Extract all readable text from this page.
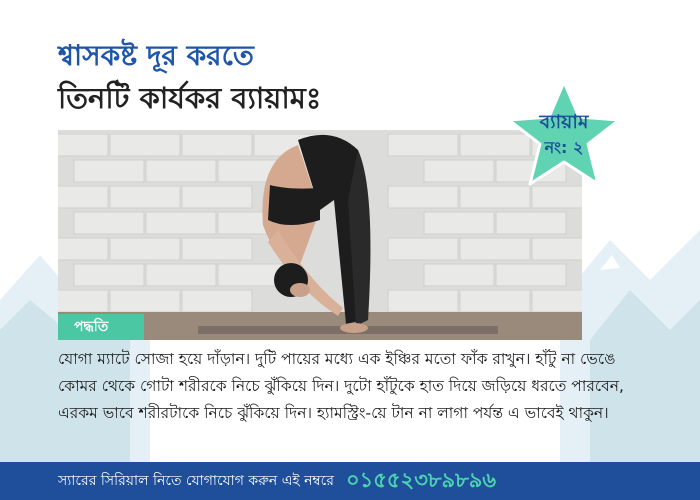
শ্বাসকষ্ট দূর করতে
তিনটি কার্যকর ব্যায়ামঃ
পদ্ধতি
ব্যায়াম
নং: ২
যোগা ম্যাটে সোজা হয়ে দাঁড়ান। দুটি পায়ের মধ্যে এক ইঞ্চির মতো ফাঁক রাখুন। হাঁটু না ভেঙে কোমর থেকে গোটা শরীরকে নিচে ঝুঁকিয়ে দিন। দুটো হাঁটুকে হাত দিয়ে জড়িয়ে ধরতে পারবেন, এরকম ভাবে শরীরটাকে নিচে ঝুঁকিয়ে দিন। হ্যামস্ট্রিং-য়ে টান না লাগা পর্যন্ত এ ভাবেই থাকুন।
স্যারের সিরিয়াল নিতে যোগাযোগ করুন এই নম্বরে ০১৫৫২৩৮৯৮৯৬
